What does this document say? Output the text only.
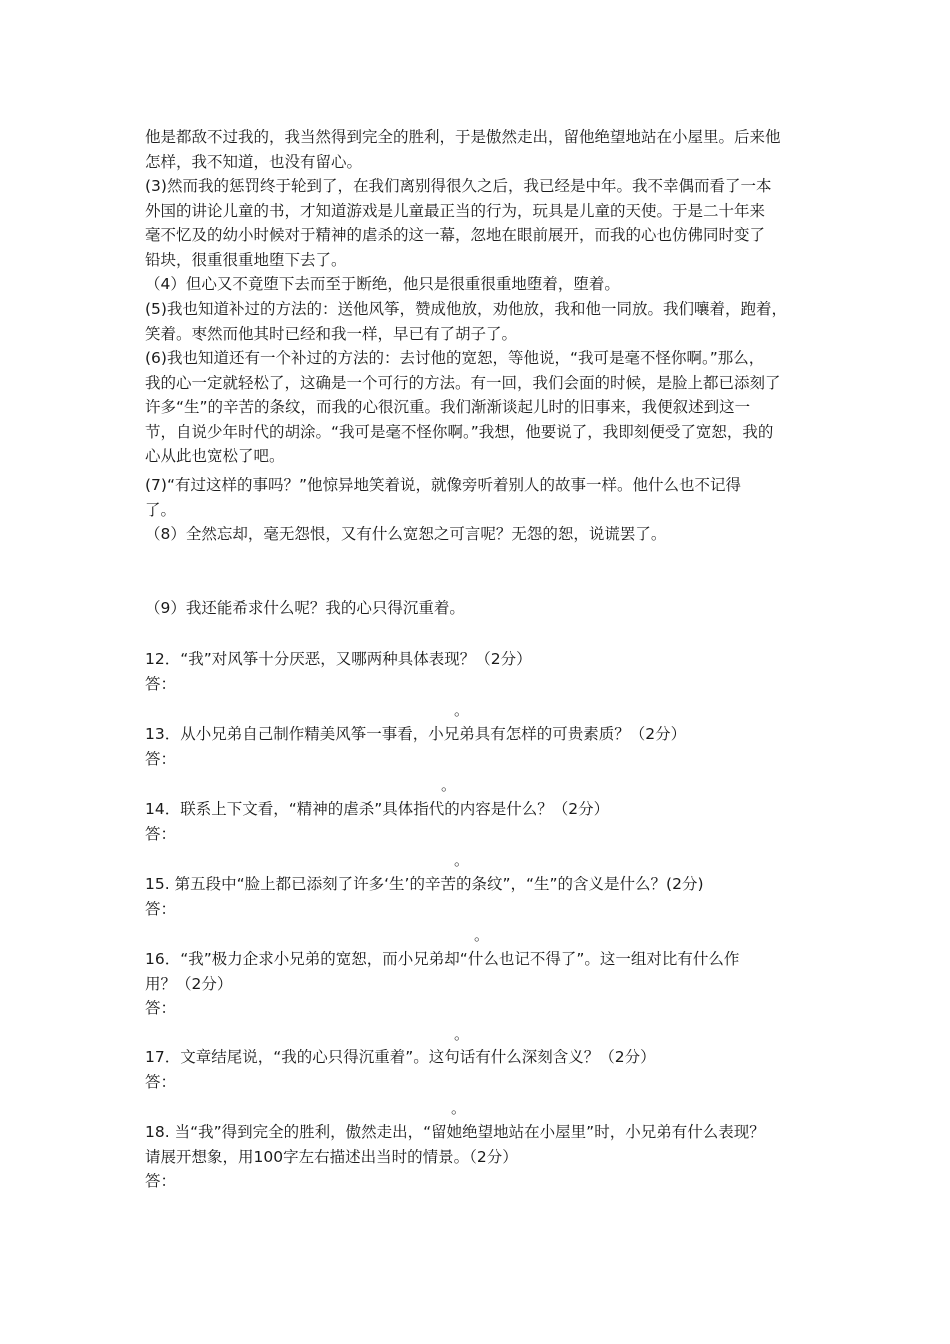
他是都敌不过我的，我当然得到完全的胜利，于是傲然走出，留他绝望地站在小屋里。后来他
怎样，我不知道，也没有留心。
(3)然而我的惩罚终于轮到了，在我们离别得很久之后，我已经是中年。我不幸偶而看了一本
外国的讲论儿童的书，才知道游戏是儿童最正当的行为，玩具是儿童的天使。于是二十年来
毫不忆及的幼小时候对于精神的虐杀的这一幕，忽地在眼前展开，而我的心也仿佛同时变了
铅块，很重很重地堕下去了。
（4）但心又不竟堕下去而至于断绝，他只是很重很重地堕着，堕着。
(5)我也知道补过的方法的：送他风筝，赞成他放，劝他放，我和他一同放。我们嚷着，跑着，
笑着。枣然而他其时已经和我一样，早已有了胡子了。
(6)我也知道还有一个补过的方法的：去讨他的宽恕，等他说，“我可是毫不怪你啊。”那么，
我的心一定就轻松了，这确是一个可行的方法。有一回，我们会面的时候，是脸上都已添刻了
许多“生”的辛苦的条纹，而我的心很沉重。我们渐渐谈起儿时的旧事来，我便叙述到这一
节，自说少年时代的胡涂。“我可是毫不怪你啊。”我想，他要说了，我即刻便受了宽恕，我的
心从此也宽松了吧。
(7)“有过这样的事吗？”他惊异地笑着说，就像旁听着别人的故事一样。他什么也不记得
了。
（8）全然忘却，毫无怨恨，又有什么宽恕之可言呢？无怨的恕，说谎罢了。
（9）我还能希求什么呢？我的心只得沉重着。
12．“我”对风筝十分厌恶，又哪两种具体表现？（2分）
答：
。
13．从小兄弟自己制作精美风筝一事看，小兄弟具有怎样的可贵素质？（2分）
答：
。
14．联系上下文看，“精神的虐杀”具体指代的内容是什么？（2分）
答：
。
15. 第五段中“脸上都已添刻了许多‘生’的辛苦的条纹”，“生”的含义是什么？(2分)
答：
。
16．“我”极力企求小兄弟的宽恕，而小兄弟却“什么也记不得了”。这一组对比有什么作
用？（2分）
答：
。
17．文章结尾说，“我的心只得沉重着”。这句话有什么深刻含义？（2分）
答：
。
18. 当“我”得到完全的胜利，傲然走出，“留她绝望地站在小屋里”时，小兄弟有什么表现？
请展开想象，用100字左右描述出当时的情景。（2分）
答：
